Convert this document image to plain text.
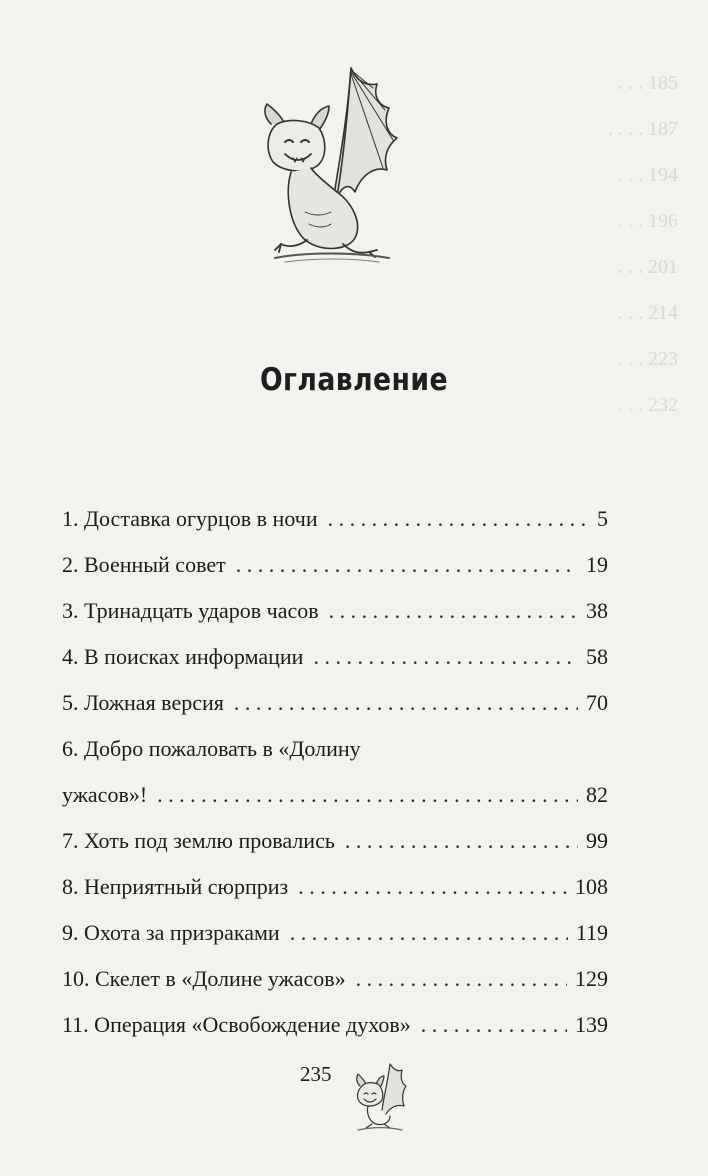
. . . 185
. . . . 187
. . . 194
. . . 196
. . . 201
. . . 214
. . . 223
. . . 232
Оглавление
1. Доставка огурцов в ночи . . .	5
2. Военный совет . . .	19
3. Тринадцать ударов часов . . .	38
4. В поисках информации . . .	58
5. Ложная версия . . .	70
6. Добро пожаловать в «Долину
ужасов»! . . .	82
7. Хоть под землю провались . . .	99
8. Неприятный сюрприз . . .	108
9. Охота за призраками . . .	119
10. Скелет в «Долине ужасов» . . .	129
11. Операция «Освобождение духов» . . .	139
235
